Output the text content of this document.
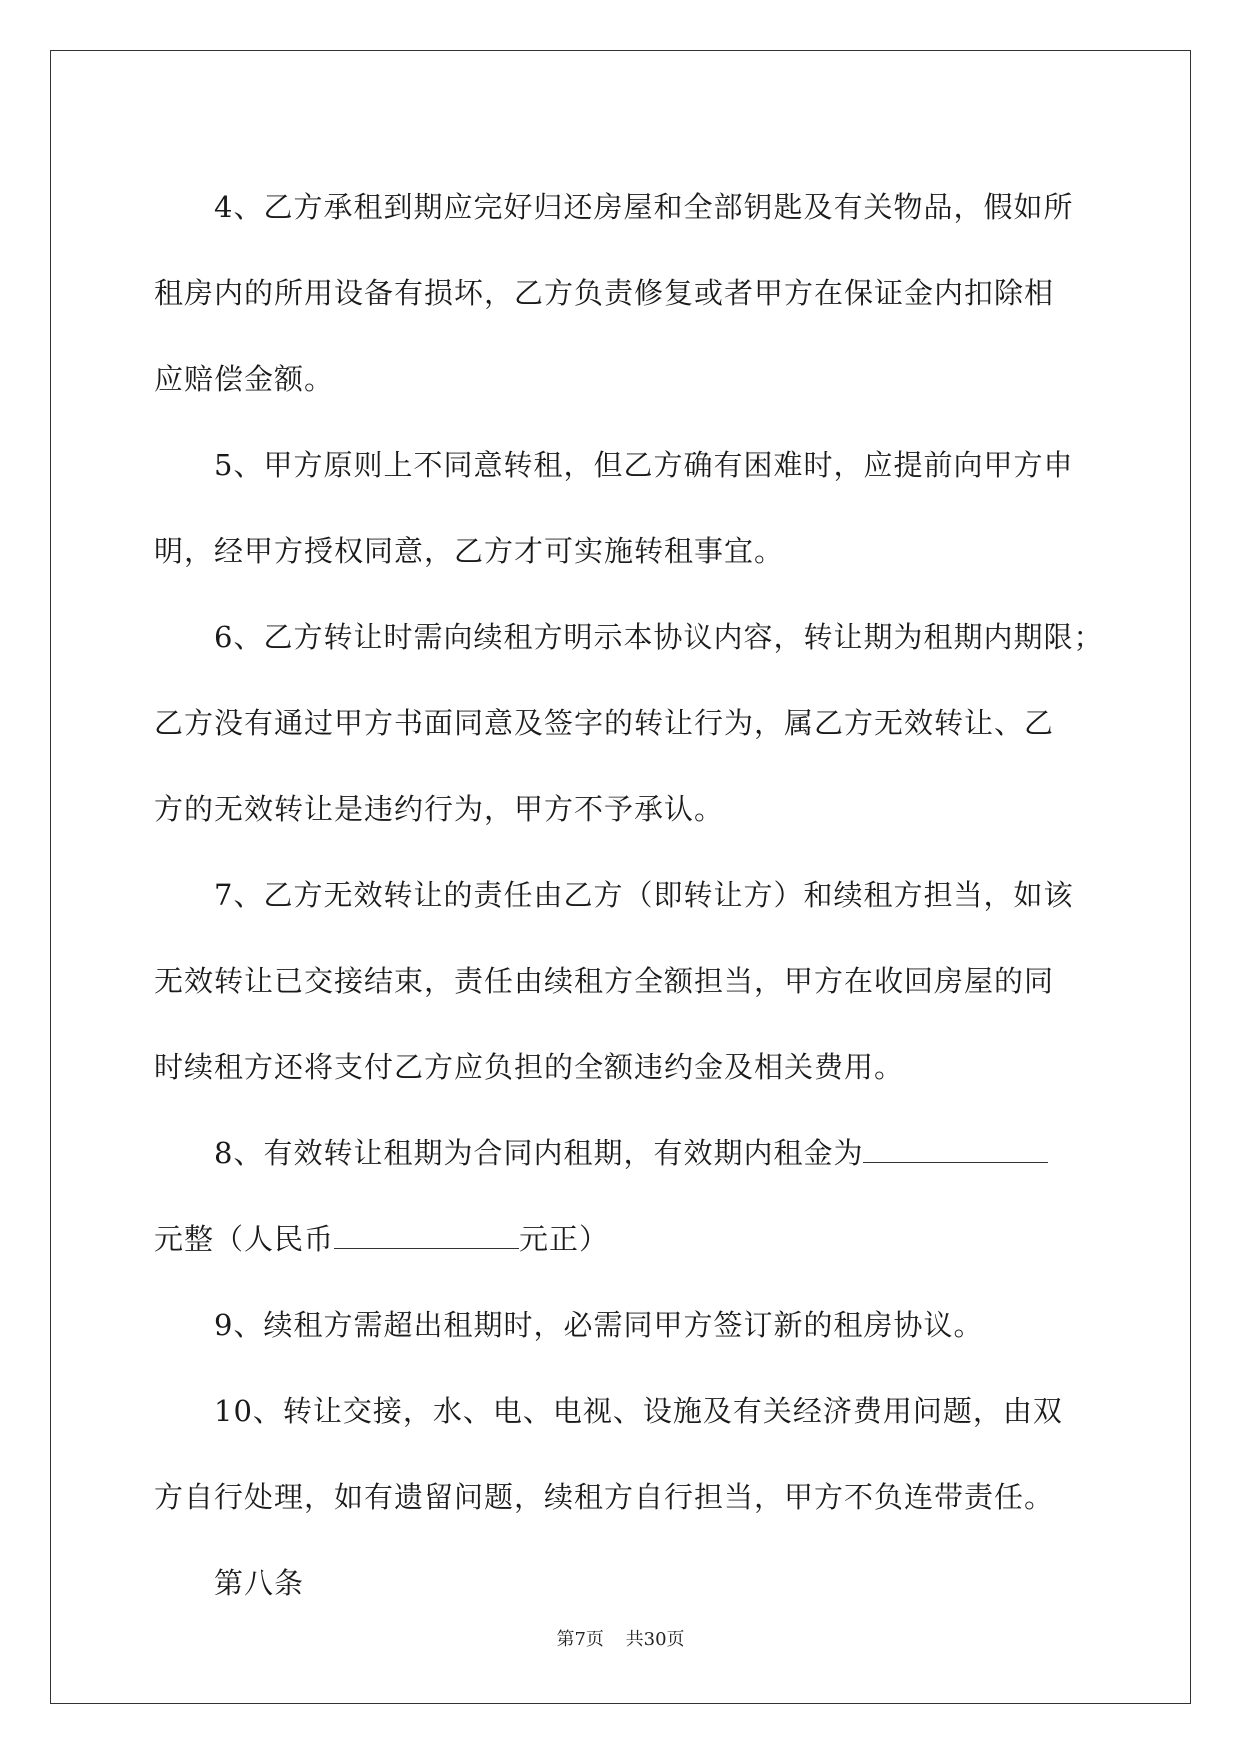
4、乙方承租到期应完好归还房屋和全部钥匙及有关物品，假如所
租房内的所用设备有损坏，乙方负责修复或者甲方在保证金内扣除相
应赔偿金额。

5、甲方原则上不同意转租，但乙方确有困难时，应提前向甲方申
明，经甲方授权同意，乙方才可实施转租事宜。

6、乙方转让时需向续租方明示本协议内容，转让期为租期内期限；
乙方没有通过甲方书面同意及签字的转让行为，属乙方无效转让、乙
方的无效转让是违约行为，甲方不予承认。

7、乙方无效转让的责任由乙方（即转让方）和续租方担当，如该
无效转让已交接结束，责任由续租方全额担当，甲方在收回房屋的同
时续租方还将支付乙方应负担的全额违约金及相关费用。

8、有效转让租期为合同内租期，有效期内租金为
元整（人民币	元正）

9、续租方需超出租期时，必需同甲方签订新的租房协议。

10、转让交接，水、电、电视、设施及有关经济费用问题，由双
方自行处理，如有遗留问题，续租方自行担当，甲方不负连带责任。

第八条

第7页 共30页
